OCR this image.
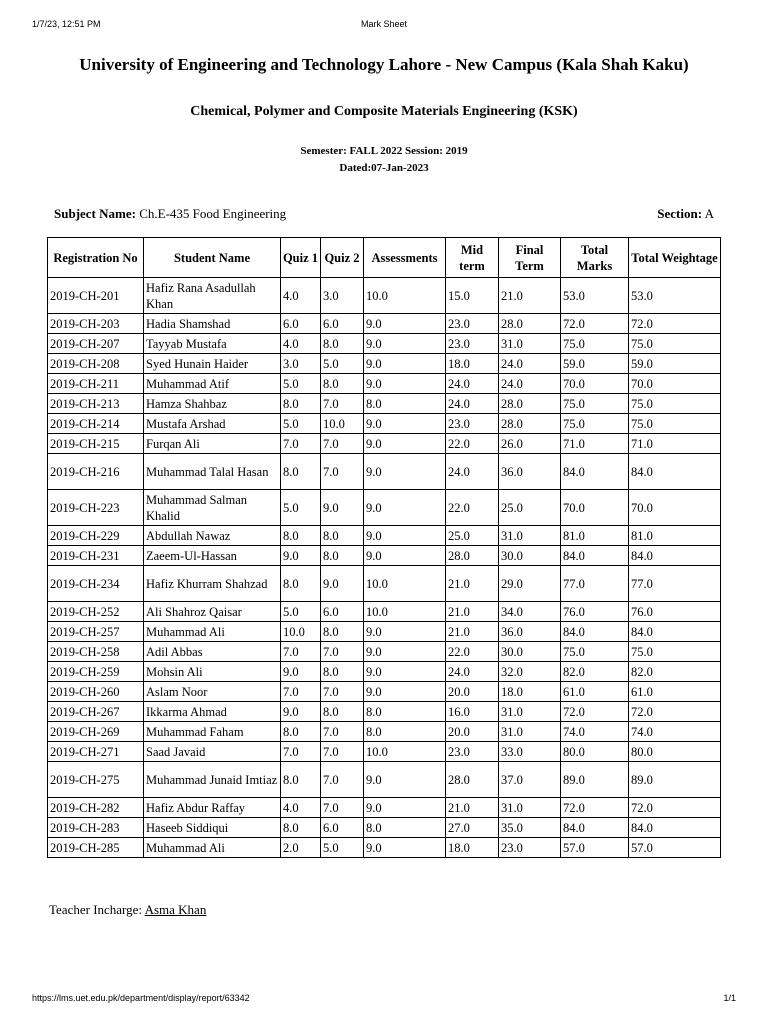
1/7/23, 12:51 PM	Mark Sheet
University of Engineering and Technology Lahore - New Campus (Kala Shah Kaku)
Chemical, Polymer and Composite Materials Engineering (KSK)
Semester: FALL 2022 Session: 2019
Dated:07-Jan-2023
Subject Name: Ch.E-435 Food Engineering	Section: A
Registration No	Student Name	Quiz 1	Quiz 2	Assessments	Mid term	Final Term	Total Marks	Total Weightage
2019-CH-201	Hafiz Rana Asadullah Khan	4.0	3.0	10.0	15.0	21.0	53.0	53.0
2019-CH-203	Hadia Shamshad	6.0	6.0	9.0	23.0	28.0	72.0	72.0
2019-CH-207	Tayyab Mustafa	4.0	8.0	9.0	23.0	31.0	75.0	75.0
2019-CH-208	Syed Hunain Haider	3.0	5.0	9.0	18.0	24.0	59.0	59.0
2019-CH-211	Muhammad Atif	5.0	8.0	9.0	24.0	24.0	70.0	70.0
2019-CH-213	Hamza Shahbaz	8.0	7.0	8.0	24.0	28.0	75.0	75.0
2019-CH-214	Mustafa Arshad	5.0	10.0	9.0	23.0	28.0	75.0	75.0
2019-CH-215	Furqan Ali	7.0	7.0	9.0	22.0	26.0	71.0	71.0
2019-CH-216	Muhammad Talal Hasan	8.0	7.0	9.0	24.0	36.0	84.0	84.0
2019-CH-223	Muhammad Salman Khalid	5.0	9.0	9.0	22.0	25.0	70.0	70.0
2019-CH-229	Abdullah Nawaz	8.0	8.0	9.0	25.0	31.0	81.0	81.0
2019-CH-231	Zaeem-Ul-Hassan	9.0	8.0	9.0	28.0	30.0	84.0	84.0
2019-CH-234	Hafiz Khurram Shahzad	8.0	9.0	10.0	21.0	29.0	77.0	77.0
2019-CH-252	Ali Shahroz Qaisar	5.0	6.0	10.0	21.0	34.0	76.0	76.0
2019-CH-257	Muhammad Ali	10.0	8.0	9.0	21.0	36.0	84.0	84.0
2019-CH-258	Adil Abbas	7.0	7.0	9.0	22.0	30.0	75.0	75.0
2019-CH-259	Mohsin Ali	9.0	8.0	9.0	24.0	32.0	82.0	82.0
2019-CH-260	Aslam Noor	7.0	7.0	9.0	20.0	18.0	61.0	61.0
2019-CH-267	Ikkarma Ahmad	9.0	8.0	8.0	16.0	31.0	72.0	72.0
2019-CH-269	Muhammad Faham	8.0	7.0	8.0	20.0	31.0	74.0	74.0
2019-CH-271	Saad Javaid	7.0	7.0	10.0	23.0	33.0	80.0	80.0
2019-CH-275	Muhammad Junaid Imtiaz	8.0	7.0	9.0	28.0	37.0	89.0	89.0
2019-CH-282	Hafiz Abdur Raffay	4.0	7.0	9.0	21.0	31.0	72.0	72.0
2019-CH-283	Haseeb Siddiqui	8.0	6.0	8.0	27.0	35.0	84.0	84.0
2019-CH-285	Muhammad Ali	2.0	5.0	9.0	18.0	23.0	57.0	57.0
Teacher Incharge: Asma Khan
https://lms.uet.edu.pk/department/display/report/63342	1/1
